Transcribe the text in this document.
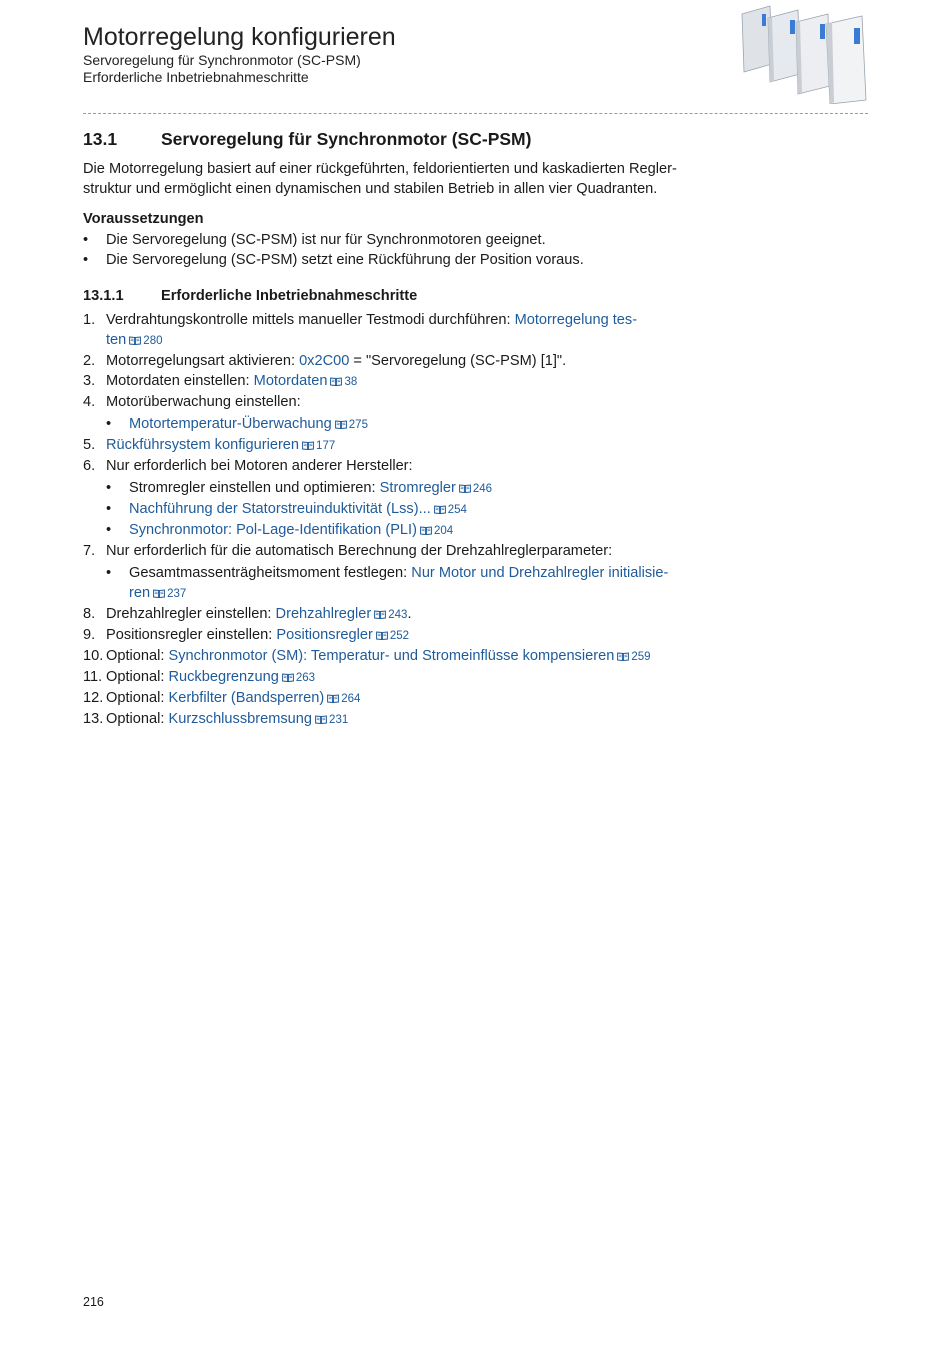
Motorregelung konfigurieren
Servoregelung für Synchronmotor (SC-PSM)
Erforderliche Inbetriebnahmeschritte
13.1	Servoregelung für Synchronmotor (SC-PSM)

Die Motorregelung basiert auf einer rückgeführten, feldorientierten und kaskadierten Regler-
struktur und ermöglicht einen dynamischen und stabilen Betrieb in allen vier Quadranten.

Voraussetzungen
• Die Servoregelung (SC-PSM) ist nur für Synchronmotoren geeignet.
• Die Servoregelung (SC-PSM) setzt eine Rückführung der Position voraus.
13.1.1	Erforderliche Inbetriebnahmeschritte
1. Verdrahtungskontrolle mittels manueller Testmodi durchführen: Motorregelung tes-
ten 280
2. Motorregelungsart aktivieren: 0x2C00 = "Servoregelung (SC-PSM) [1]".
3. Motordaten einstellen: Motordaten 38
4. Motorüberwachung einstellen:
• Motortemperatur-Überwachung 275
5. Rückführsystem konfigurieren 177
6. Nur erforderlich bei Motoren anderer Hersteller:
• Stromregler einstellen und optimieren: Stromregler 246
• Nachführung der Statorstreuinduktivität (Lss)... 254
• Synchronmotor: Pol-Lage-Identifikation (PLI) 204
7. Nur erforderlich für die automatisch Berechnung der Drehzahlreglerparameter:
• Gesamtmassenträgheitsmoment festlegen: Nur Motor und Drehzahlregler initialisie-
ren 237
8. Drehzahlregler einstellen: Drehzahlregler 243.
9. Positionsregler einstellen: Positionsregler 252
10. Optional: Synchronmotor (SM): Temperatur- und Stromeinflüsse kompensieren 259
11. Optional: Ruckbegrenzung 263
12. Optional: Kerbfilter (Bandsperren) 264
13. Optional: Kurzschlussbremsung 231
216
